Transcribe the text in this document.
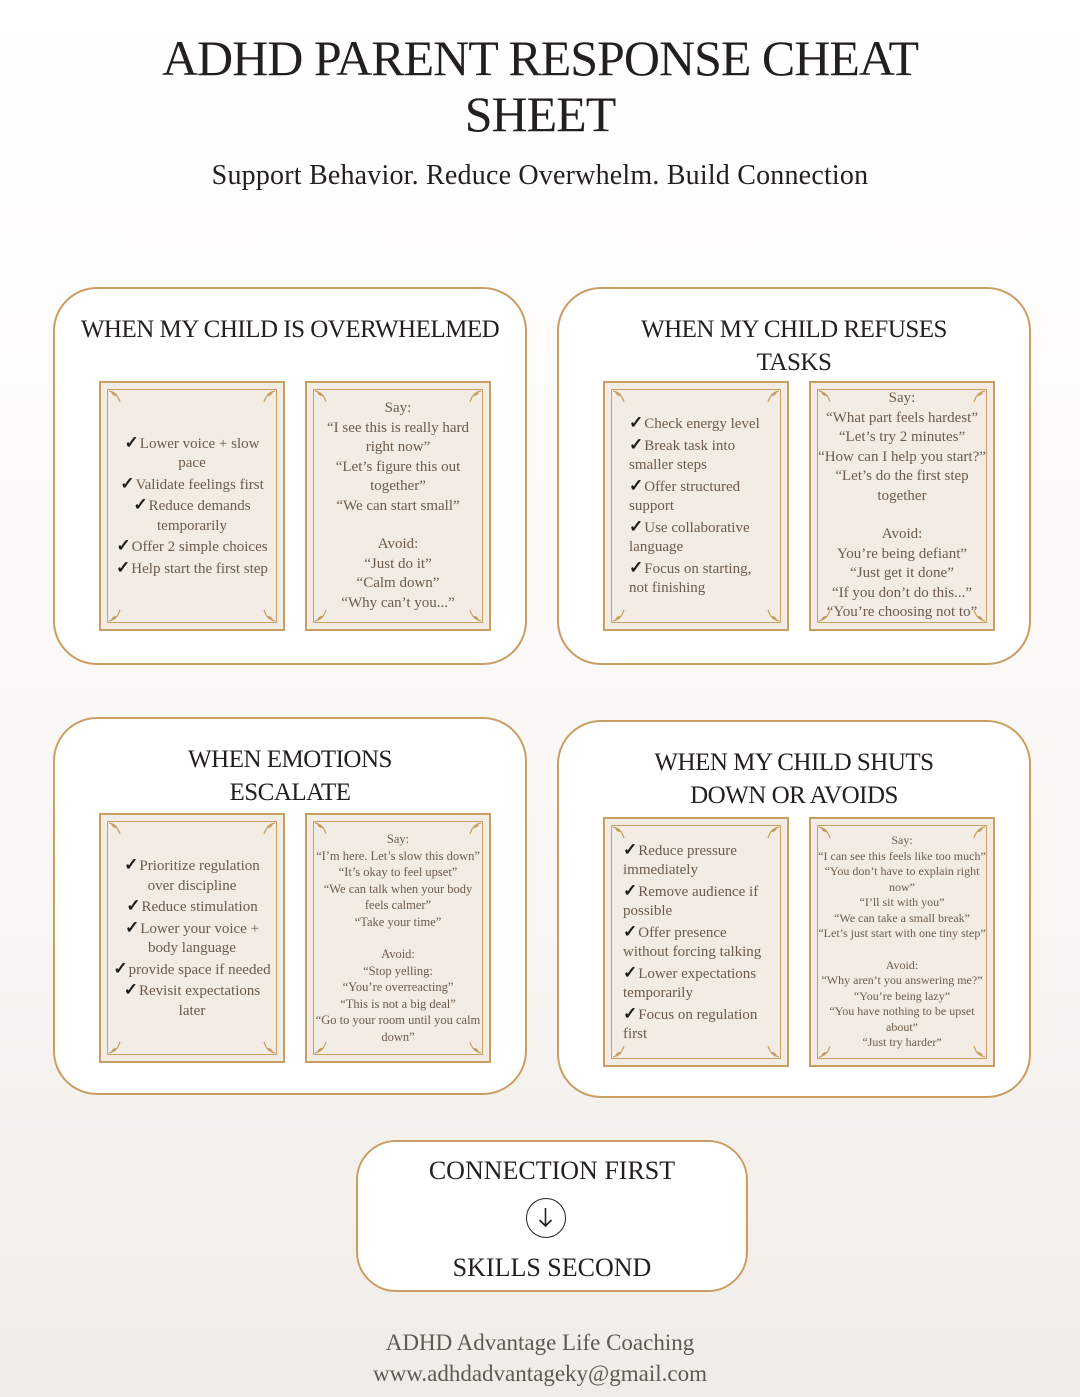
ADHD PARENT RESPONSE CHEAT SHEET
Support Behavior. Reduce Overwhelm. Build Connection
WHEN MY CHILD IS OVERWHELMED
✓Lower voice + slow pace
✓Validate feelings first
✓Reduce demands temporarily
✓Offer 2 simple choices
✓Help start the first step
Say:
“I see this is really hard right now”
“Let’s figure this out together”
“We can start small”
Avoid:
“Just do it”
“Calm down”
“Why can’t you...”
WHEN MY CHILD REFUSES TASKS
✓Check energy level
✓Break task into smaller steps
✓Offer structured support
✓Use collaborative language
✓Focus on starting, not finishing
Say:
“What part feels hardest”
“Let’s try 2 minutes”
“How can I help you start?”
“Let’s do the first step together
Avoid:
You’re being defiant”
“Just get it done”
“If you don’t do this...”
“You’re choosing not to”
WHEN EMOTIONS ESCALATE
✓Prioritize regulation over discipline
✓Reduce stimulation
✓Lower your voice + body language
✓provide space if needed
✓Revisit expectations later
Say:
“I’m here. Let’s slow this down”
“It’s okay to feel upset”
“We can talk when your body feels calmer”
“Take your time”
Avoid:
“Stop yelling:
“You’re overreacting”
“This is not a big deal”
“Go to your room until you calm down”
WHEN MY CHILD SHUTS DOWN OR AVOIDS
✓Reduce pressure immediately
✓Remove audience if possible
✓Offer presence without forcing talking
✓Lower expectations temporarily
✓Focus on regulation first
Say:
“I can see this feels like too much”
“You don’t have to explain right now”
“I’ll sit with you”
“We can take a small break”
“Let’s just start with one tiny step”
Avoid:
“Why aren’t you answering me?”
“You’re being lazy”
“You have nothing to be upset about”
“Just try harder”
CONNECTION FIRST
SKILLS SECOND
ADHD Advantage Life Coaching
www.adhdadvantageky@gmail.com
